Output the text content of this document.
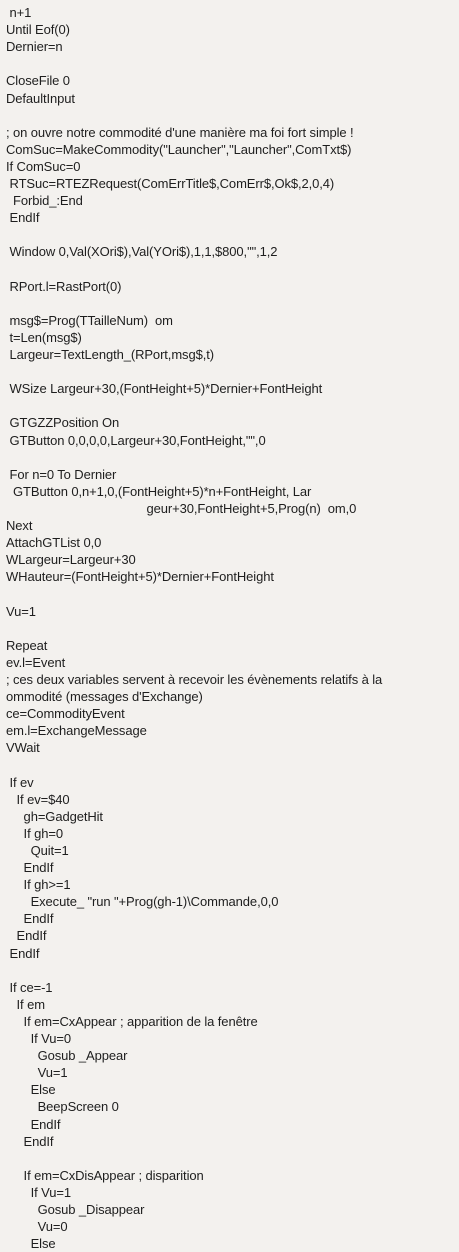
n+1
Until Eof(0)
Dernier=n
CloseFile 0
DefaultInput
; on ouvre notre commodité d'une manière ma foi fort simple !
ComSuc=MakeCommodity("Launcher","Launcher",ComTxt$)
If ComSuc=0
RTSuc=RTEZRequest(ComErrTitle$,ComErr$,Ok$,2,0,4)
Forbid_:End
EndIf
Window 0,Val(XOri$),Val(YOri$),1,1,$800,"",1,2
RPort.l=RastPort(0)
msg$=Prog(TTailleNum)  om
t=Len(msg$)
Largeur=TextLength_(RPort,msg$,t)
WSize Largeur+30,(FontHeight+5)*Dernier+FontHeight
GTGZZPosition On
GTButton 0,0,0,0,Largeur+30,FontHeight,"",0
For n=0 To Dernier
GTButton 0,n+1,0,(FontHeight+5)*n+FontHeight, Lar
geur+30,FontHeight+5,Prog(n)  om,0
Next
AttachGTList 0,0
WLargeur=Largeur+30
WHauteur=(FontHeight+5)*Dernier+FontHeight
Vu=1
Repeat
ev.l=Event
; ces deux variables servent à recevoir les évènements relatifs à la
ommodité (messages d'Exchange)
ce=CommodityEvent
em.l=ExchangeMessage
VWait
If ev
If ev=$40
gh=GadgetHit
If gh=0
Quit=1
EndIf
If gh>=1
Execute_ "run "+Prog(gh-1)\Commande,0,0
EndIf
EndIf
EndIf
If ce=-1
If em
If em=CxAppear ; apparition de la fenêtre
If Vu=0
Gosub _Appear
Vu=1
Else
BeepScreen 0
EndIf
EndIf
If em=CxDisAppear ; disparition
If Vu=1
Gosub _Disappear
Vu=0
Else
